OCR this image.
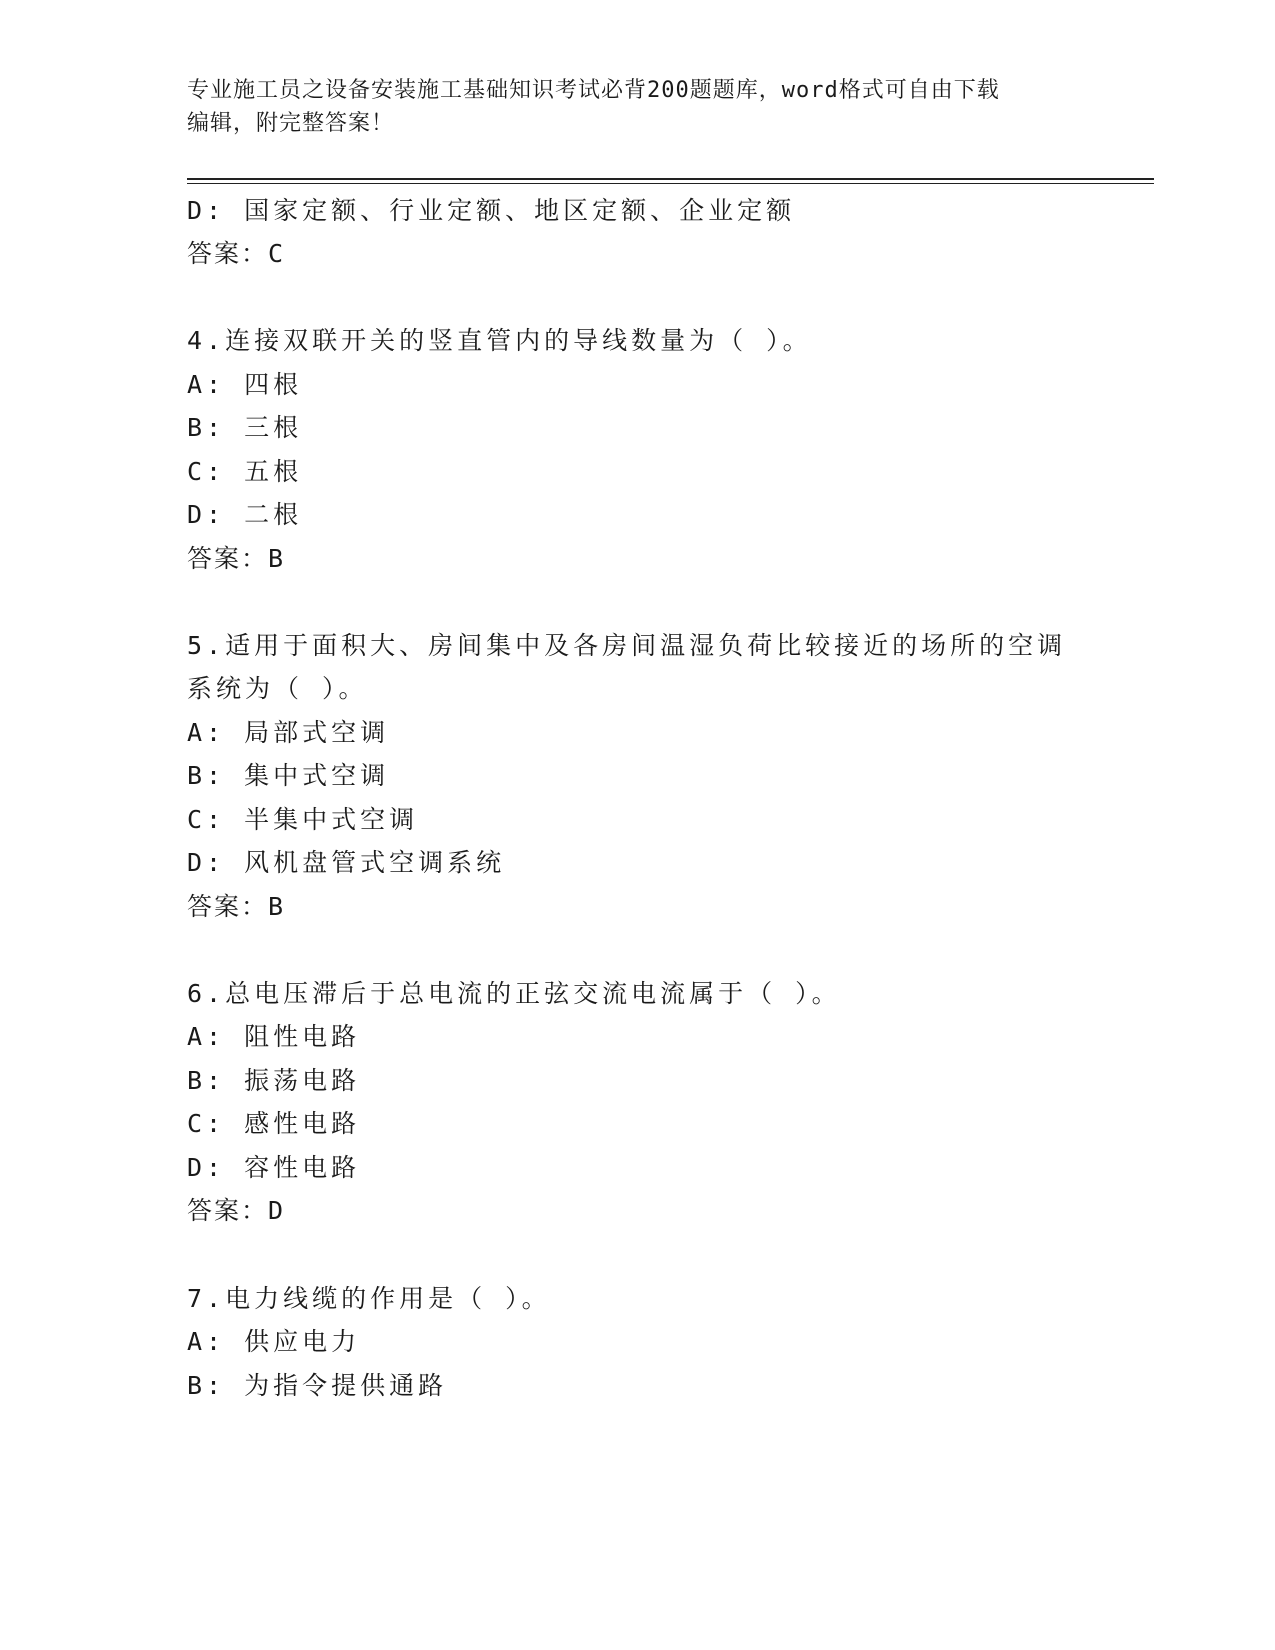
专业施工员之设备安装施工基础知识考试必背200题题库，word格式可自由下载
编辑，附完整答案！
D: 国家定额、行业定额、地区定额、企业定额
答案：C
4.连接双联开关的竖直管内的导线数量为（ ）。
A: 四根
B: 三根
C: 五根
D: 二根
答案：B
5.适用于面积大、房间集中及各房间温湿负荷比较接近的场所的空调
系统为（ ）。
A: 局部式空调
B: 集中式空调
C: 半集中式空调
D: 风机盘管式空调系统
答案：B
6.总电压滞后于总电流的正弦交流电流属于（ ）。
A: 阻性电路
B: 振荡电路
C: 感性电路
D: 容性电路
答案：D
7.电力线缆的作用是（ ）。
A: 供应电力
B: 为指令提供通路
